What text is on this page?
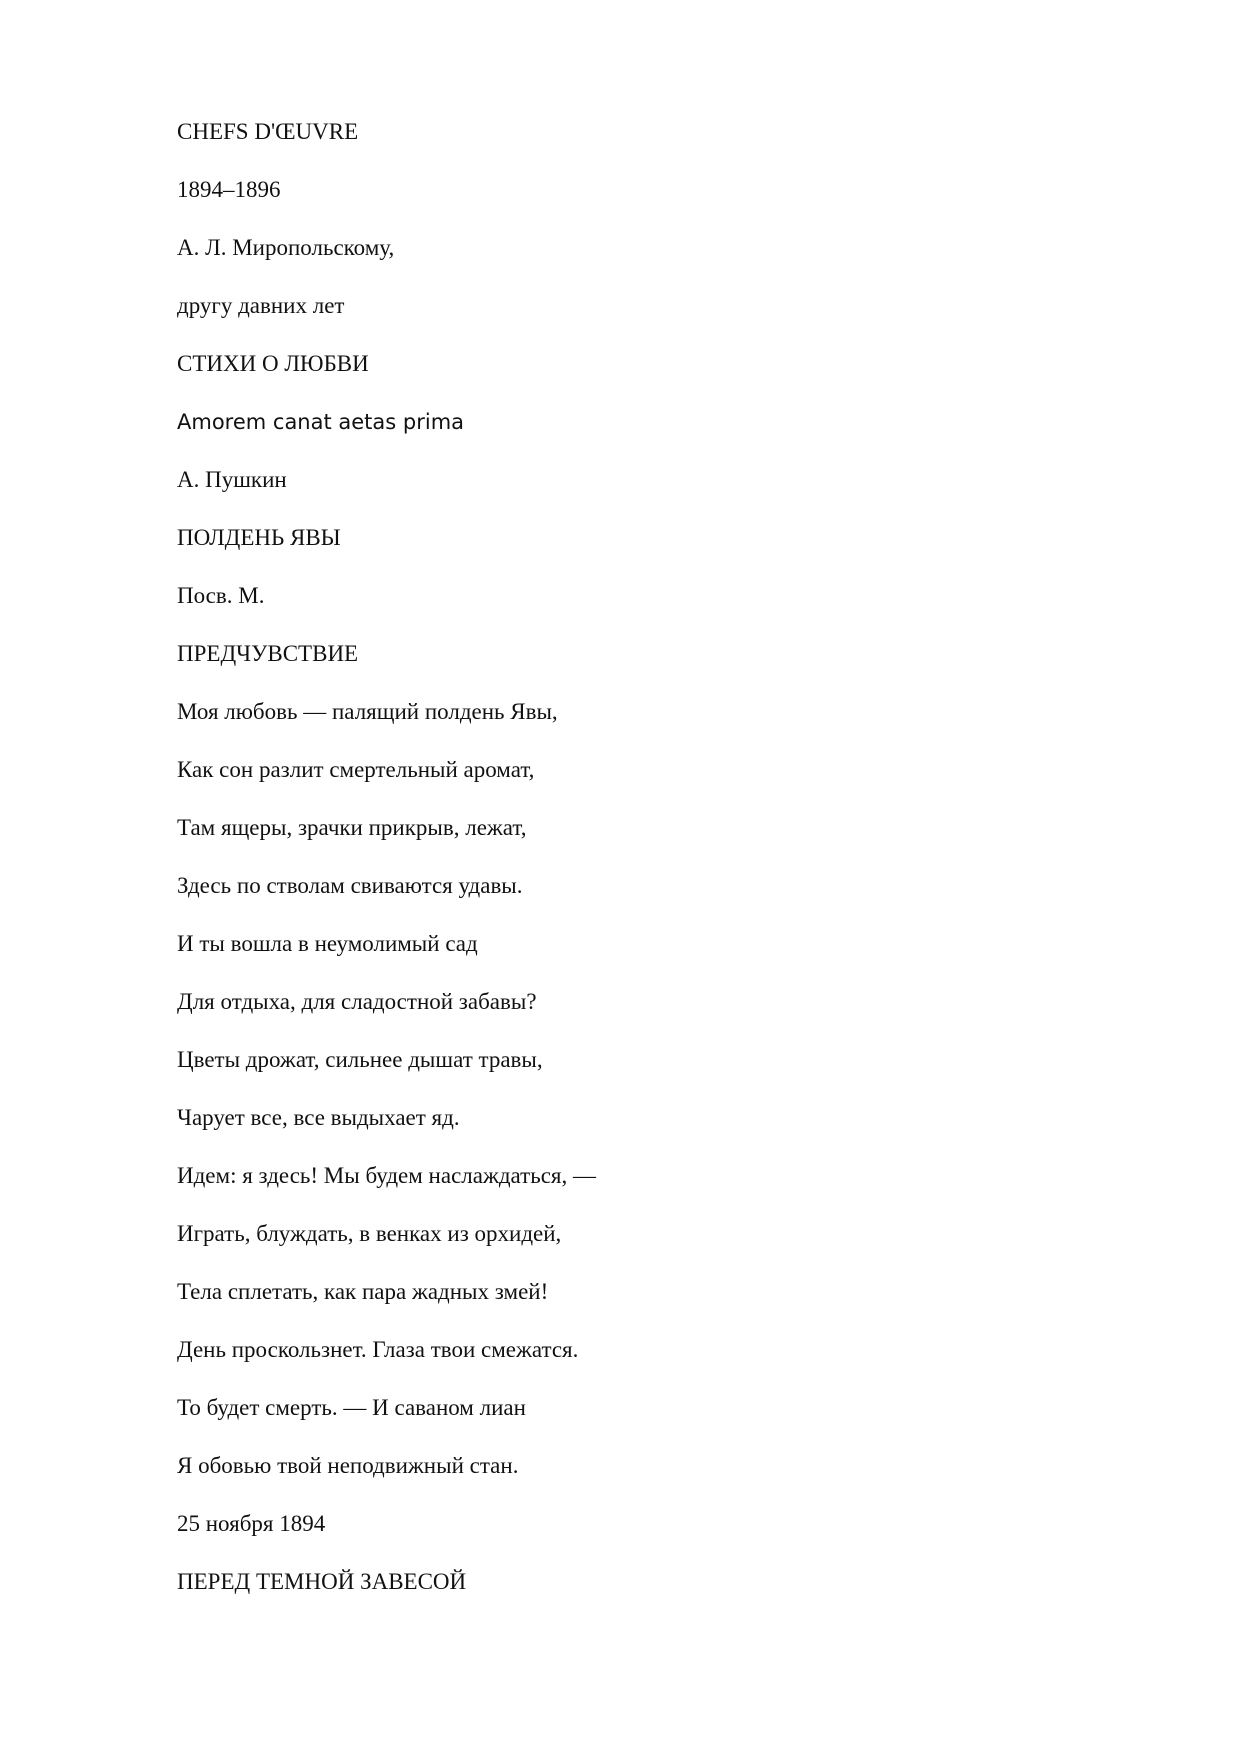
CHEFS D'ŒUVRE
1894–1896
А. Л. Миропольскому,
другу давних лет
СТИХИ О ЛЮБВИ
Amorem canat aetas prima
А. Пушкин
ПОЛДЕНЬ ЯВЫ
Посв. М.
ПРЕДЧУВСТВИЕ
Моя любовь — палящий полдень Явы,
Как сон разлит смертельный аромат,
Там ящеры, зрачки прикрыв, лежат,
Здесь по стволам свиваются удавы.
И ты вошла в неумолимый сад
Для отдыха, для сладостной забавы?
Цветы дрожат, сильнее дышат травы,
Чарует все, все выдыхает яд.
Идем: я здесь! Мы будем наслаждаться, —
Играть, блуждать, в венках из орхидей,
Тела сплетать, как пара жадных змей!
День проскользнет. Глаза твои смежатся.
То будет смерть. — И саваном лиан
Я обовью твой неподвижный стан.
25 ноября 1894
ПЕРЕД ТЕМНОЙ ЗАВЕСОЙ
